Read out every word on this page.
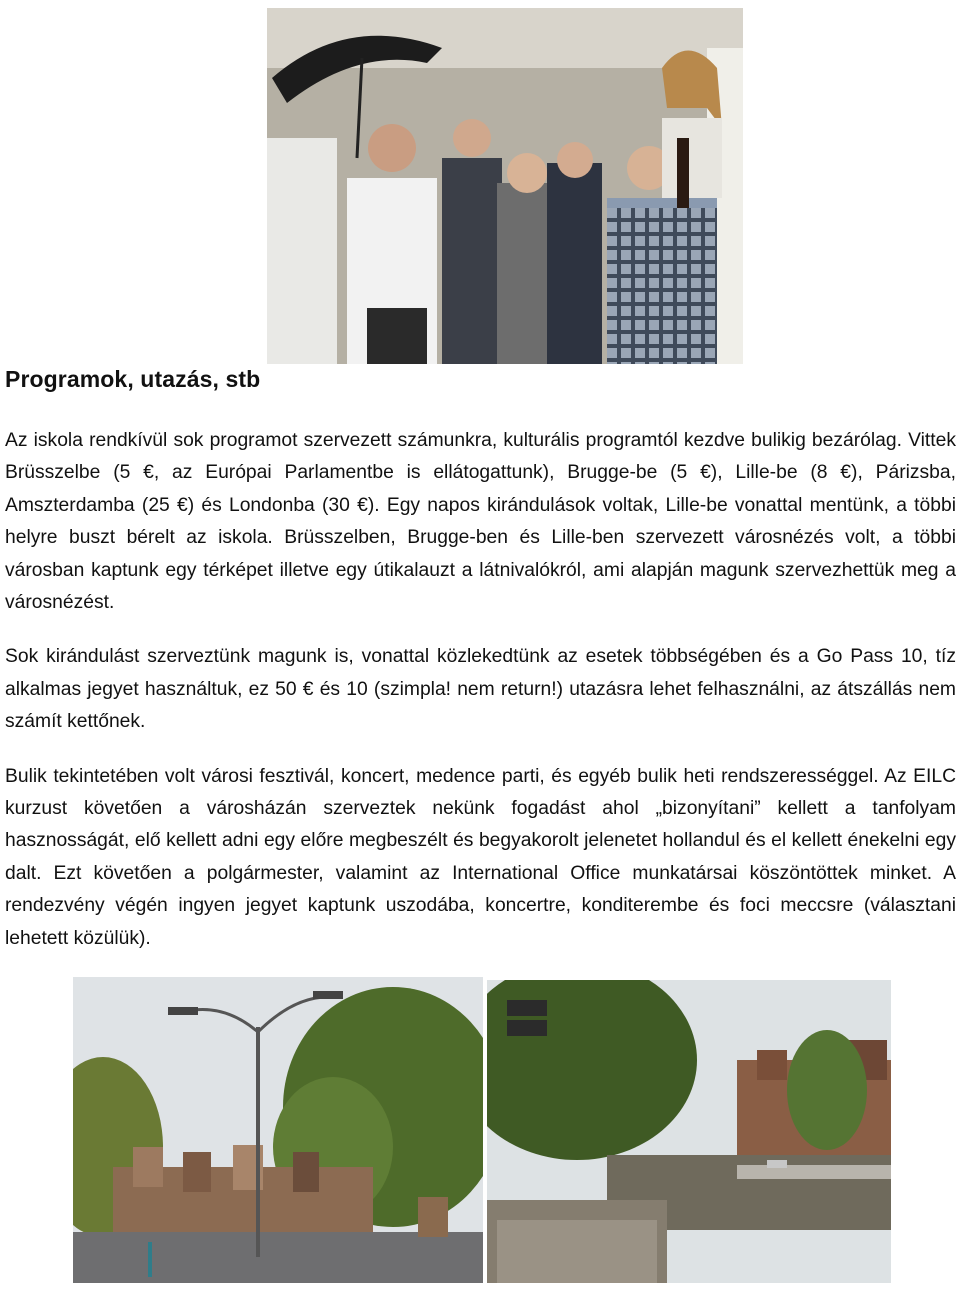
Programok, utazás, stb

Az iskola rendkívül sok programot szervezett számunkra, kulturális programtól kezdve bulikig bezárólag. Vittek Brüsszelbe (5 €, az Európai Parlamentbe is ellátogattunk), Brugge-be (5 €), Lille-be (8 €), Párizsba, Amszterdamba (25 €) és Londonba (30 €). Egy napos kirándulások voltak, Lille-be vonattal mentünk, a többi helyre buszt bérelt az iskola. Brüsszelben, Brugge-ben és Lille-ben szervezett városnézés volt, a többi városban kaptunk egy térképet illetve egy útikalauzt a látnivalókról, ami alapján magunk szervezhettük meg a városnézést.

Sok kirándulást szerveztünk magunk is, vonattal közlekedtünk az esetek többségében és a Go Pass 10, tíz alkalmas jegyet használtuk, ez 50 € és 10 (szimpla! nem return!) utazásra lehet felhasználni, az átszállás nem számít kettőnek.

Bulik tekintetében volt városi fesztivál, koncert, medence parti, és egyéb bulik heti rendszerességgel. Az EILC kurzust követően a városházán szerveztek nekünk fogadást ahol „bizonyítani” kellett a tanfolyam hasznosságát, elő kellett adni egy előre megbeszélt és begyakorolt jelenetet hollandul és el kellett énekelni egy dalt. Ezt követően a polgármester, valamint az International Office munkatársai köszöntöttek minket. A rendezvény végén ingyen jegyet kaptunk uszodába, koncertre, konditerembe és foci meccsre (választani lehetett közülük).
